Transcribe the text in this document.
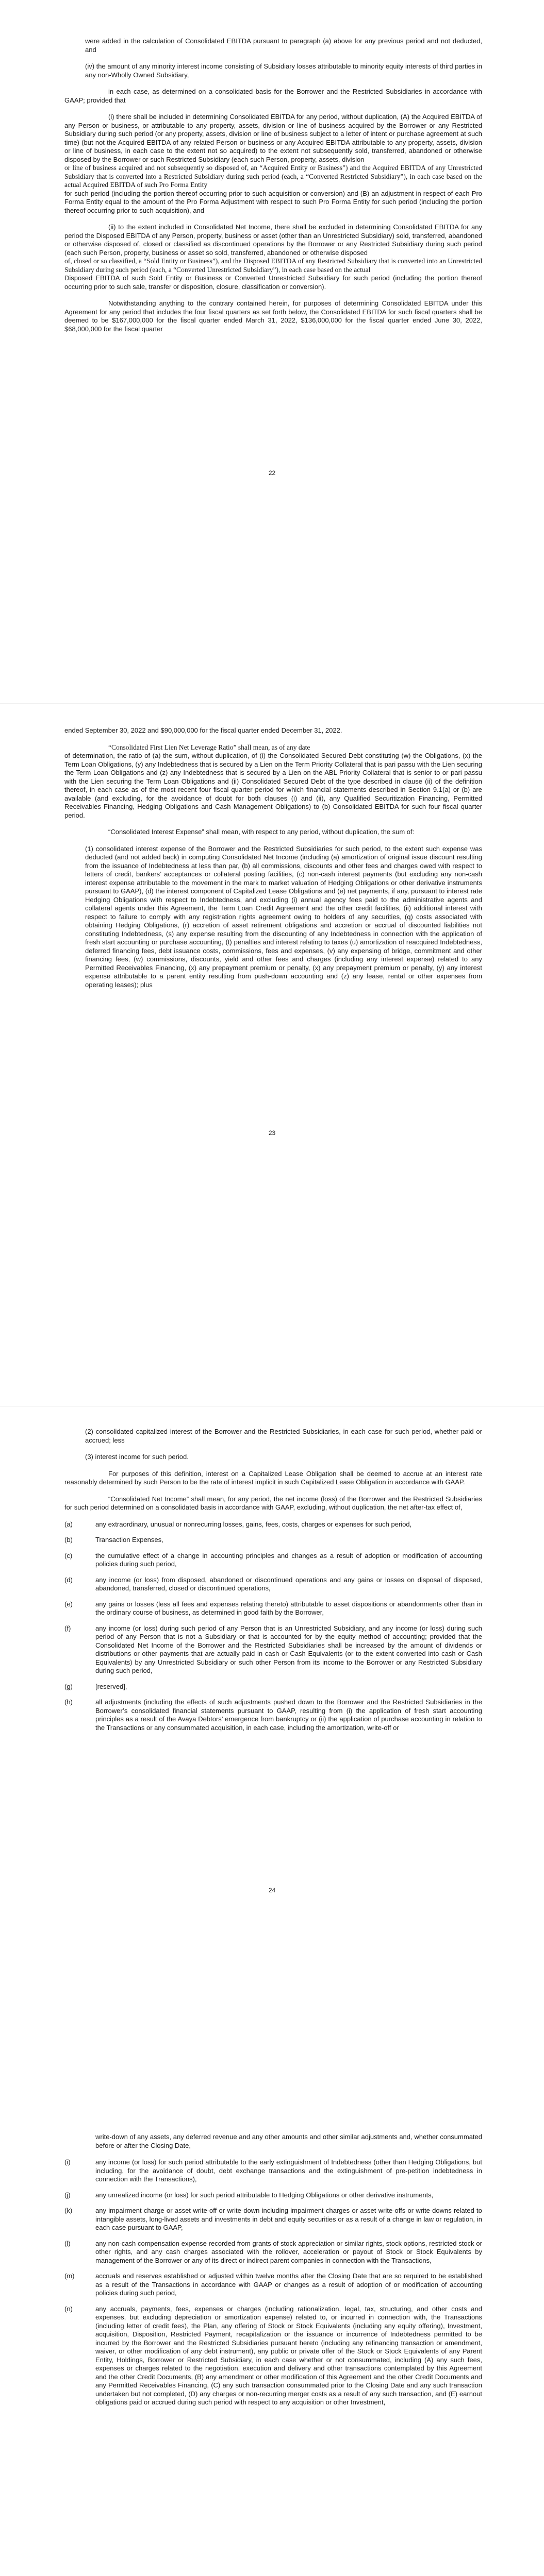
were added in the calculation of Consolidated EBITDA pursuant to paragraph (a) above for any previous period and not deducted, and

(iv) the amount of any minority interest income consisting of Subsidiary losses attributable to minority equity interests of third parties in any non-Wholly Owned Subsidiary,

in each case, as determined on a consolidated basis for the Borrower and the Restricted Subsidiaries in accordance with GAAP; provided that

(i) there shall be included in determining Consolidated EBITDA for any period, without duplication, (A) the Acquired EBITDA of any Person or business, or attributable to any property, assets, division or line of business acquired by the Borrower or any Restricted Subsidiary during such period (or any property, assets, division or line of business subject to a letter of intent or purchase agreement at such time) (but not the Acquired EBITDA of any related Person or business or any Acquired EBITDA attributable to any property, assets, division or line of business, in each case to the extent not so acquired) to the extent not subsequently sold, transferred, abandoned or otherwise disposed by the Borrower or such Restricted Subsidiary (each such Person, property, assets, division

or line of business acquired and not subsequently so disposed of, an “Acquired Entity or Business”) and the Acquired EBITDA of any Unrestricted Subsidiary that is converted into a Restricted Subsidiary during such period (each, a “Converted Restricted Subsidiary”), in each case based on the actual Acquired EBITDA of such Pro Forma Entity

for such period (including the portion thereof occurring prior to such acquisition or conversion) and (B) an adjustment in respect of each Pro Forma Entity equal to the amount of the Pro Forma Adjustment with respect to such Pro Forma Entity for such period (including the portion thereof occurring prior to such acquisition), and

(ii) to the extent included in Consolidated Net Income, there shall be excluded in determining Consolidated EBITDA for any period the Disposed EBITDA of any Person, property, business or asset (other than an Unrestricted Subsidiary) sold, transferred, abandoned or otherwise disposed of, closed or classified as discontinued operations by the Borrower or any Restricted Subsidiary during such period (each such Person, property, business or asset so sold, transferred, abandoned or otherwise disposed

of, closed or so classified, a “Sold Entity or Business”), and the Disposed EBITDA of any Restricted Subsidiary that is converted into an Unrestricted Subsidiary during such period (each, a “Converted Unrestricted Subsidiary”), in each case based on the actual

Disposed EBITDA of such Sold Entity or Business or Converted Unrestricted Subsidiary for such period (including the portion thereof occurring prior to such sale, transfer or disposition, closure, classification or conversion).

Notwithstanding anything to the contrary contained herein, for purposes of determining Consolidated EBITDA under this Agreement for any period that includes the four fiscal quarters as set forth below, the Consolidated EBITDA for such fiscal quarters shall be deemed to be $167,000,000 for the fiscal quarter ended March 31, 2022, $136,000,000 for the fiscal quarter ended June 30, 2022, $68,000,000 for the fiscal quarter

22

ended September 30, 2022 and $90,000,000 for the fiscal quarter ended December 31, 2022.

“Consolidated First Lien Net Leverage Ratio” shall mean, as of any date

of determination, the ratio of (a) the sum, without duplication, of (i) the Consolidated Secured Debt constituting (w) the Obligations, (x) the Term Loan Obligations, (y) any Indebtedness that is secured by a Lien on the Term Priority Collateral that is pari passu with the Lien securing the Term Loan Obligations and (z) any Indebtedness that is secured by a Lien on the ABL Priority Collateral that is senior to or pari passu with the Lien securing the Term Loan Obligations and (ii) Consolidated Secured Debt of the type described in clause (ii) of the definition thereof, in each case as of the most recent four fiscal quarter period for which financial statements described in Section 9.1(a) or (b) are available (and excluding, for the avoidance of doubt for both clauses (i) and (ii), any Qualified Securitization Financing, Permitted Receivables Financing, Hedging Obligations and Cash Management Obligations) to (b) Consolidated EBITDA for such four fiscal quarter period.

“Consolidated Interest Expense” shall mean, with respect to any period, without duplication, the sum of:

(1) consolidated interest expense of the Borrower and the Restricted Subsidiaries for such period, to the extent such expense was deducted (and not added back) in computing Consolidated Net Income (including (a) amortization of original issue discount resulting from the issuance of Indebtedness at less than par, (b) all commissions, discounts and other fees and charges owed with respect to letters of credit, bankers’ acceptances or collateral posting facilities, (c) non-cash interest payments (but excluding any non-cash interest expense attributable to the movement in the mark to market valuation of Hedging Obligations or other derivative instruments pursuant to GAAP), (d) the interest component of Capitalized Lease Obligations and (e) net payments, if any, pursuant to interest rate Hedging Obligations with respect to Indebtedness, and excluding (i) annual agency fees paid to the administrative agents and collateral agents under this Agreement, the Term Loan Credit Agreement and the other credit facilities, (ii) additional interest with respect to failure to comply with any registration rights agreement owing to holders of any securities, (q) costs associated with obtaining Hedging Obligations, (r) accretion of asset retirement obligations and accretion or accrual of discounted liabilities not constituting Indebtedness, (s) any expense resulting from the discounting of any Indebtedness in connection with the application of fresh start accounting or purchase accounting, (t) penalties and interest relating to taxes (u) amortization of reacquired Indebtedness, deferred financing fees, debt issuance costs, commissions, fees and expenses, (v) any expensing of bridge, commitment and other financing fees, (w) commissions, discounts, yield and other fees and charges (including any interest expense) related to any Permitted Receivables Financing, (x) any prepayment premium or penalty, (x) any prepayment premium or penalty, (y) any interest expense attributable to a parent entity resulting from push-down accounting and (z) any lease, rental or other expenses from operating leases); plus

23

(2) consolidated capitalized interest of the Borrower and the Restricted Subsidiaries, in each case for such period, whether paid or accrued; less

(3) interest income for such period.

For purposes of this definition, interest on a Capitalized Lease Obligation shall be deemed to accrue at an interest rate reasonably determined by such Person to be the rate of interest implicit in such Capitalized Lease Obligation in accordance with GAAP.

“Consolidated Net Income” shall mean, for any period, the net income (loss) of the Borrower and the Restricted Subsidiaries for such period determined on a consolidated basis in accordance with GAAP, excluding, without duplication, the net after-tax effect of,

(a)	any extraordinary, unusual or nonrecurring losses, gains, fees, costs, charges or expenses for such period,
(b)	Transaction Expenses,
(c)	the cumulative effect of a change in accounting principles and changes as a result of adoption or modification of accounting policies during such period,
(d)	any income (or loss) from disposed, abandoned or discontinued operations and any gains or losses on disposal of disposed, abandoned, transferred, closed or discontinued operations,
(e)	any gains or losses (less all fees and expenses relating thereto) attributable to asset dispositions or abandonments other than in the ordinary course of business, as determined in good faith by the Borrower,
(f)	any income (or loss) during such period of any Person that is an Unrestricted Subsidiary, and any income (or loss) during such period of any Person that is not a Subsidiary or that is accounted for by the equity method of accounting; provided that the Consolidated Net Income of the Borrower and the Restricted Subsidiaries shall be increased by the amount of dividends or distributions or other payments that are actually paid in cash or Cash Equivalents (or to the extent converted into cash or Cash Equivalents) by any Unrestricted Subsidiary or such other Person from its income to the Borrower or any Restricted Subsidiary during such period,
(g)	[reserved],
(h)	all adjustments (including the effects of such adjustments pushed down to the Borrower and the Restricted Subsidiaries in the Borrower’s consolidated financial statements pursuant to GAAP, resulting from (i) the application of fresh start accounting principles as a result of the Avaya Debtors’ emergence from bankruptcy or (ii) the application of purchase accounting in relation to the Transactions or any consummated acquisition, in each case, including the amortization, write-off or
24

write-down of any assets, any deferred revenue and any other amounts and other similar adjustments and, whether consummated before or after the Closing Date,

(i)	any income (or loss) for such period attributable to the early extinguishment of Indebtedness (other than Hedging Obligations, but including, for the avoidance of doubt, debt exchange transactions and the extinguishment of pre-petition indebtedness in connection with the Transactions),
(j)	any unrealized income (or loss) for such period attributable to Hedging Obligations or other derivative instruments,
(k)	any impairment charge or asset write-off or write-down including impairment charges or asset write-offs or write-downs related to intangible assets, long-lived assets and investments in debt and equity securities or as a result of a change in law or regulation, in each case pursuant to GAAP,
(l)	any non-cash compensation expense recorded from grants of stock appreciation or similar rights, stock options, restricted stock or other rights, and any cash charges associated with the rollover, acceleration or payout of Stock or Stock Equivalents by management of the Borrower or any of its direct or indirect parent companies in connection with the Transactions,
(m)	accruals and reserves established or adjusted within twelve months after the Closing Date that are so required to be established as a result of the Transactions in accordance with GAAP or changes as a result of adoption of or modification of accounting policies during such period,
(n)	any accruals, payments, fees, expenses or charges (including rationalization, legal, tax, structuring, and other costs and expenses, but excluding depreciation or amortization expense) related to, or incurred in connection with, the Transactions (including letter of credit fees), the Plan, any offering of Stock or Stock Equivalents (including any equity offering), Investment, acquisition, Disposition, Restricted Payment, recapitalization or the issuance or incurrence of Indebtedness permitted to be incurred by the Borrower and the Restricted Subsidiaries pursuant hereto (including any refinancing transaction or amendment, waiver, or other modification of any debt instrument), any public or private offer of the Stock or Stock Equivalents of any Parent Entity, Holdings, Borrower or Restricted Subsidiary, in each case whether or not consummated, including (A) any such fees, expenses or charges related to the negotiation, execution and delivery and other transactions contemplated by this Agreement and the other Credit Documents, (B) any amendment or other modification of this Agreement and the other Credit Documents and any Permitted Receivables Financing, (C) any such transaction consummated prior to the Closing Date and any such transaction undertaken but not completed, (D) any charges or non-recurring merger costs as a result of any such transaction, and (E) earnout obligations paid or accrued during such period with respect to any acquisition or other Investment,
